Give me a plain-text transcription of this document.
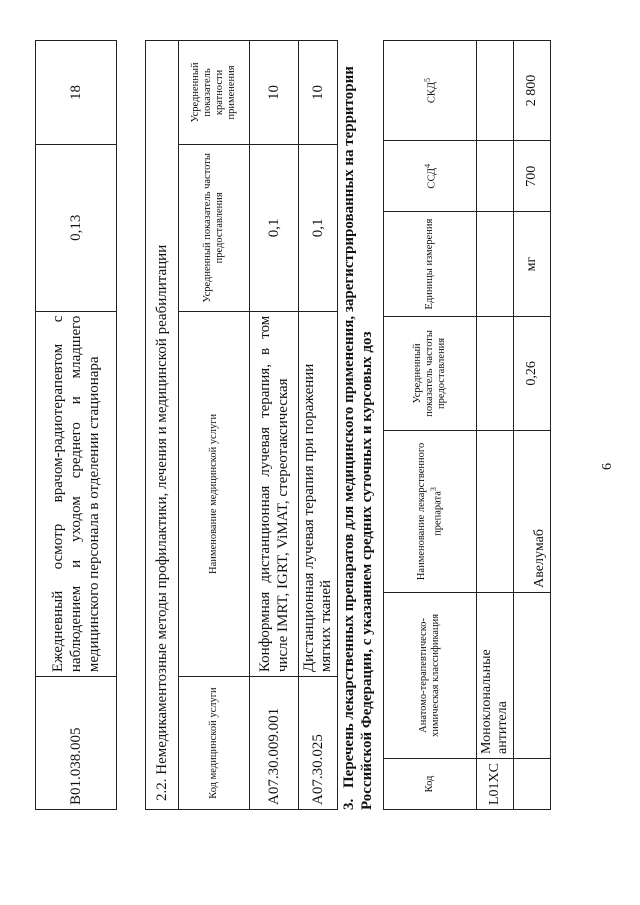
6
B01.038.005	Ежедневный осмотр врачом-радиотерапевтом с наблюдением и уходом среднего и младшего медицинского персонала в отделении стационара	0,13	18
2.2. Немедикаментозные методы профилактики, лечения и медицинской реабилитации			
Код медицинской услуги	Наименование медицинской услуги	Усредненный показатель частоты предоставления	Усредненный показатель кратности применения
A07.30.009.001	Конформная дистанционная лучевая терапия, в том числе IMRT, IGRT, ViMAT, стереотаксическая	0,1	10
A07.30.025	Дистанционная лучевая терапия при поражении мягких тканей	0,1	10
3.Перечень лекарственных препаратов для медицинского применения, зарегистрированных на территории Российской Федерации, с указанием средних суточных и курсовых доз	Код	Анатомо-терапевтическо-химическая классификация	Наименование лекарственного препарата$^3$	Усредненный показатель частоты предоставления	Единицы измерения	ССД$^4$	СКД$^5$
L01XC	Моноклональные антитела					
		Авелумаб	0,26	мг	700	2 800
